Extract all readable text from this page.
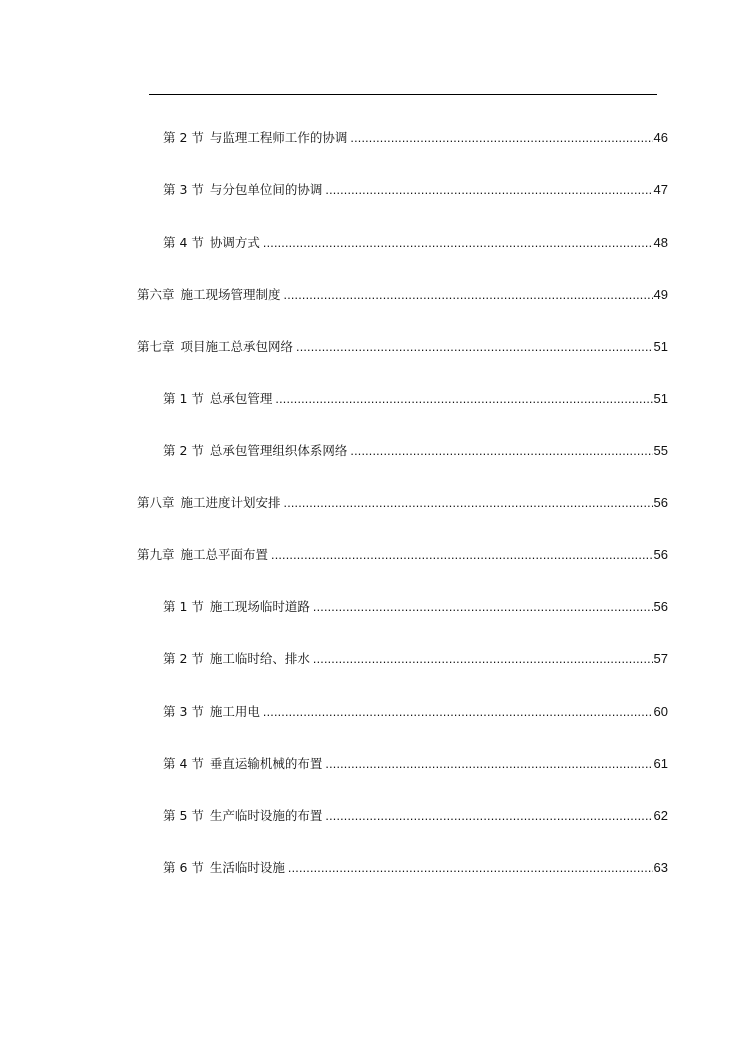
第 2 节 与监理工程师工作的协调 .....	46
第 3 节 与分包单位间的协调 .....	47
第 4 节 协调方式 .....	48
第六章 施工现场管理制度 .....	49
第七章 项目施工总承包网络 .....	51
第 1 节 总承包管理 .....	51
第 2 节 总承包管理组织体系网络 .....	55
第八章 施工进度计划安排 .....	56
第九章 施工总平面布置 .....	56
第 1 节 施工现场临时道路 .....	56
第 2 节 施工临时给、排水 .....	57
第 3 节 施工用电 .....	60
第 4 节 垂直运输机械的布置 .....	61
第 5 节 生产临时设施的布置 .....	62
第 6 节 生活临时设施 .....	63
